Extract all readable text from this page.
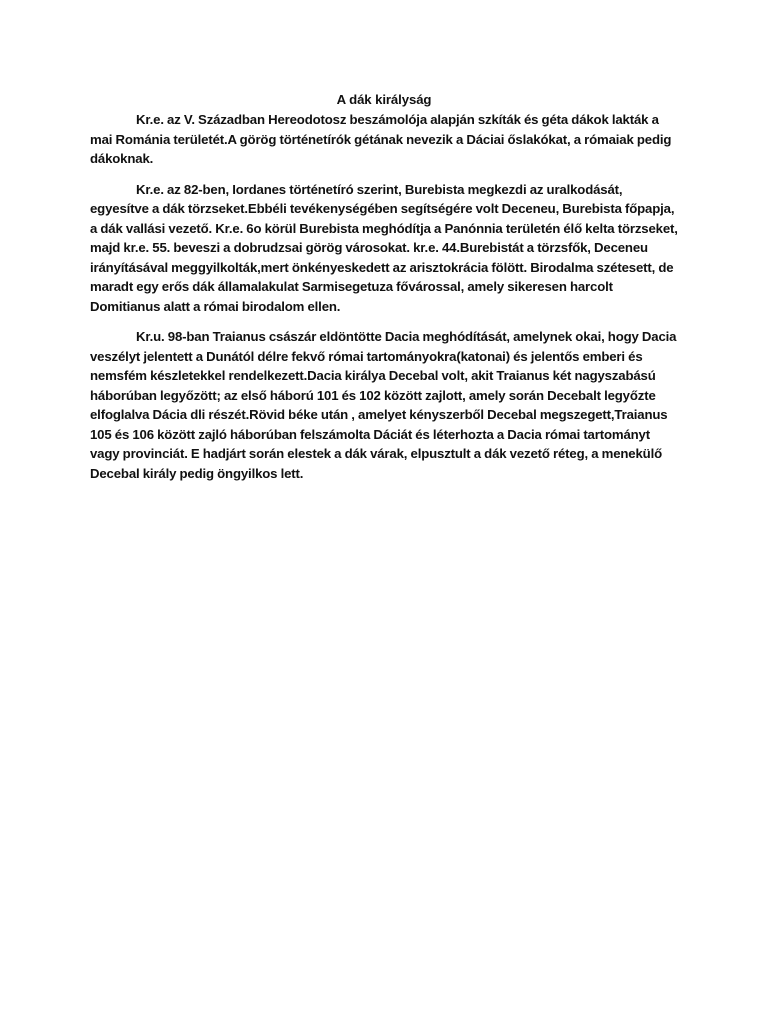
A dák királyság

Kr.e. az V. Században Hereodotosz beszámolója alapján szkíták és géta dákok lakták a mai Románia területét.A görög történetírók gétának nevezik a Dáciai őslakókat, a rómaiak pedig dákoknak.

Kr.e. az 82-ben, Iordanes történetíró szerint, Burebista megkezdi az uralkodását, egyesítve a dák törzseket.Ebbéli tevékenységében segítségére volt Deceneu, Burebista főpapja, a dák vallási vezető. Kr.e. 6o körül Burebista meghódítja a Panónnia területén élő kelta törzseket, majd kr.e. 55. beveszi a dobrudzsai görög városokat. kr.e. 44.Burebistát a törzsfők, Deceneu irányításával meggyilkolták,mert önkényeskedett az arisztokrácia fölött. Birodalma szétesett, de maradt egy erős dák államalakulat Sarmisegetuza fővárossal, amely sikeresen harcolt Domitianus alatt a római birodalom ellen.

Kr.u. 98-ban Traianus császár eldöntötte Dacia meghódítását, amelynek okai, hogy Dacia veszélyt jelentett a Dunától délre fekvő római tartományokra(katonai) és jelentős emberi és nemsfém készletekkel rendelkezett.Dacia királya Decebal volt, akit Traianus két nagyszabású háborúban legyőzött; az első háború 101 és 102 között zajlott, amely során Decebalt legyőzte elfoglalva Dácia dli részét.Rövid béke után , amelyet kényszerből Decebal megszegett,Traianus 105 és 106 között zajló háborúban felszámolta Dáciát és léterhozta a Dacia római tartományt vagy provinciát. E hadjárt során elestek a dák várak, elpusztult a dák vezető réteg, a menekülő Decebal király pedig öngyilkos lett.
